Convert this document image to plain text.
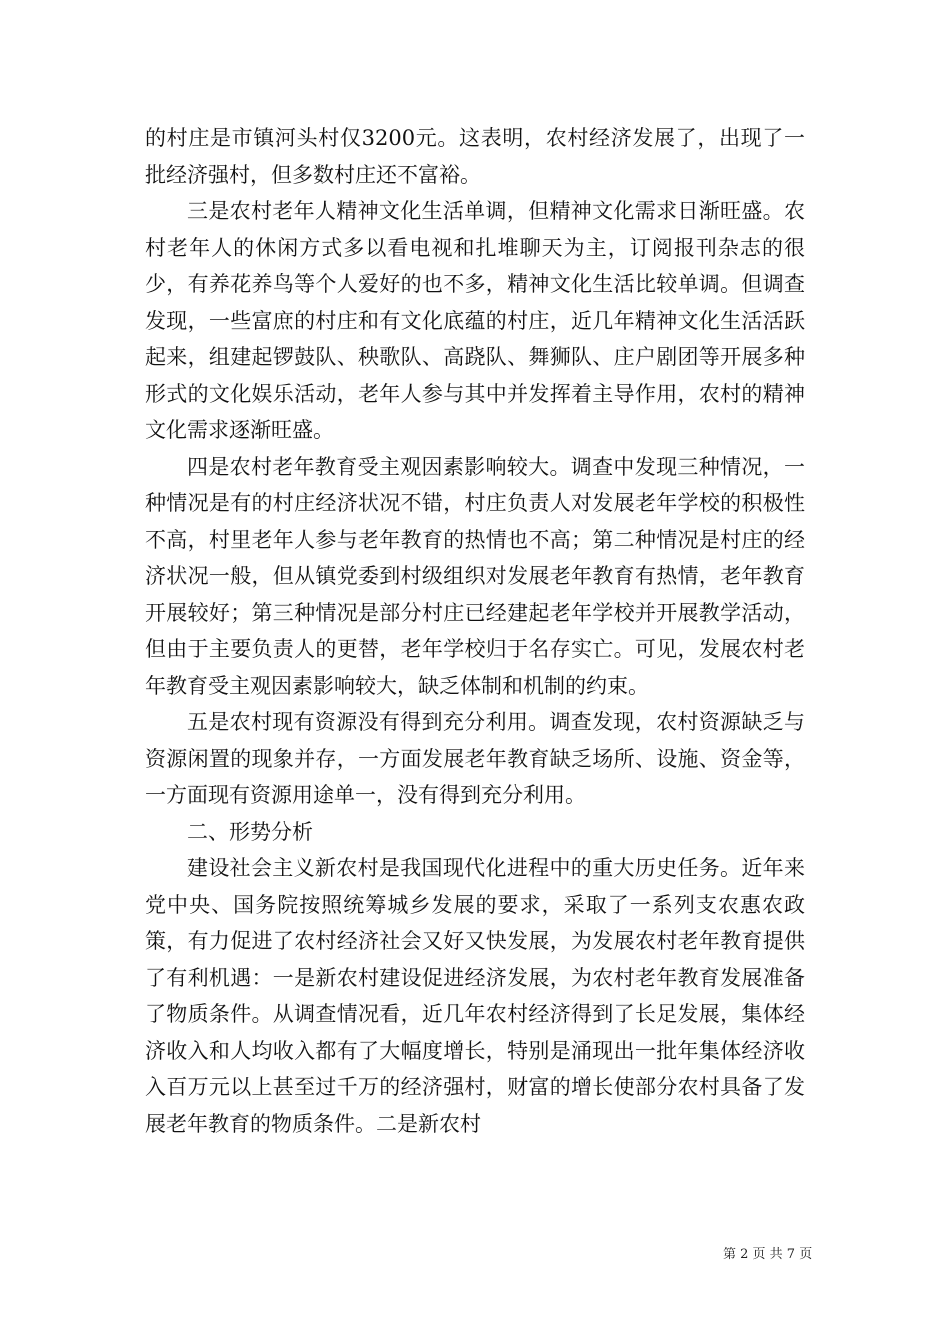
的村庄是市镇河头村仅3200元。这表明，农村经济发展了，出现了一批经济强村，但多数村庄还不富裕。

三是农村老年人精神文化生活单调，但精神文化需求日渐旺盛。农村老年人的休闲方式多以看电视和扎堆聊天为主，订阅报刊杂志的很少，有养花养鸟等个人爱好的也不多，精神文化生活比较单调。但调查发现，一些富庶的村庄和有文化底蕴的村庄，近几年精神文化生活活跃起来，组建起锣鼓队、秧歌队、高跷队、舞狮队、庄户剧团等开展多种形式的文化娱乐活动，老年人参与其中并发挥着主导作用，农村的精神文化需求逐渐旺盛。

四是农村老年教育受主观因素影响较大。调查中发现三种情况，一种情况是有的村庄经济状况不错，村庄负责人对发展老年学校的积极性不高，村里老年人参与老年教育的热情也不高；第二种情况是村庄的经济状况一般，但从镇党委到村级组织对发展老年教育有热情，老年教育开展较好；第三种情况是部分村庄已经建起老年学校并开展教学活动，但由于主要负责人的更替，老年学校归于名存实亡。可见，发展农村老年教育受主观因素影响较大，缺乏体制和机制的约束。

五是农村现有资源没有得到充分利用。调查发现，农村资源缺乏与资源闲置的现象并存，一方面发展老年教育缺乏场所、设施、资金等，一方面现有资源用途单一，没有得到充分利用。

二、形势分析

建设社会主义新农村是我国现代化进程中的重大历史任务。近年来党中央、国务院按照统筹城乡发展的要求，采取了一系列支农惠农政策，有力促进了农村经济社会又好又快发展，为发展农村老年教育提供了有利机遇：一是新农村建设促进经济发展，为农村老年教育发展准备了物质条件。从调查情况看，近几年农村经济得到了长足发展，集体经济收入和人均收入都有了大幅度增长，特别是涌现出一批年集体经济收入百万元以上甚至过千万的经济强村，财富的增长使部分农村具备了发展老年教育的物质条件。二是新农村

第 2 页 共 7 页
